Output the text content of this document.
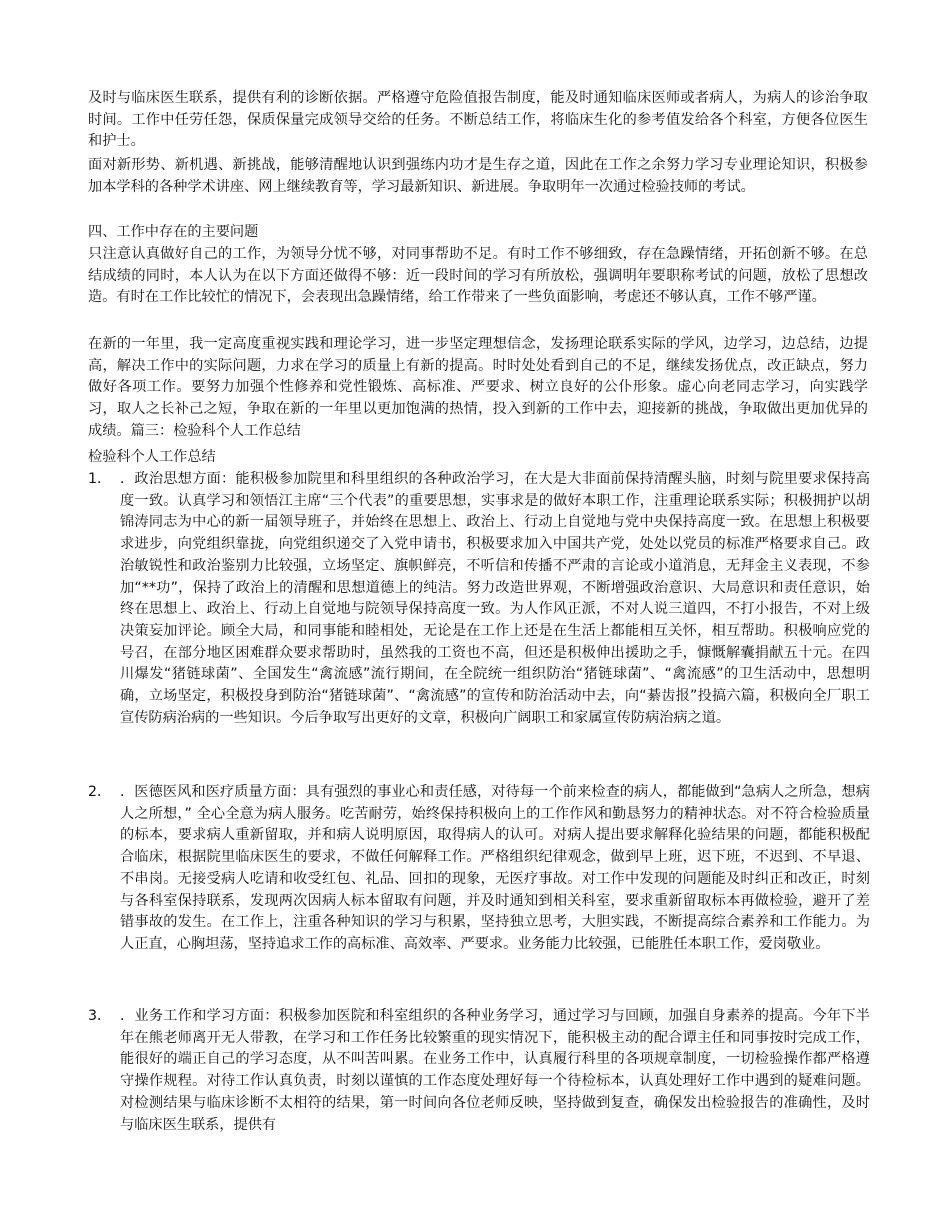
及时与临床医生联系，提供有利的诊断依据。严格遵守危险值报告制度，能及时通知临床医师或者病人，为病人的诊治争取时间。工作中任劳任怨，保质保量完成领导交给的任务。不断总结工作，将临床生化的参考值发给各个科室，方便各位医生和护士。
面对新形势、新机遇、新挑战，能够清醒地认识到强练内功才是生存之道，因此在工作之余努力学习专业理论知识，积极参加本学科的各种学术讲座、网上继续教育等，学习最新知识、新进展。争取明年一次通过检验技师的考试。
四、工作中存在的主要问题
只注意认真做好自己的工作，为领导分忧不够，对同事帮助不足。有时工作不够细致，存在急躁情绪，开拓创新不够。在总结成绩的同时，本人认为在以下方面还做得不够：近一段时间的学习有所放松，强调明年要职称考试的问题，放松了思想改造。有时在工作比较忙的情况下，会表现出急躁情绪，给工作带来了一些负面影响，考虑还不够认真，工作不够严谨。
在新的一年里，我一定高度重视实践和理论学习，进一步坚定理想信念，发扬理论联系实际的学风，边学习，边总结，边提高，解决工作中的实际问题，力求在学习的质量上有新的提高。时时处处看到自己的不足，继续发扬优点，改正缺点，努力做好各项工作。要努力加强个性修养和党性锻炼、高标准、严要求、树立良好的公仆形象。虚心向老同志学习，向实践学习，取人之长补己之短，争取在新的一年里以更加饱满的热情，投入到新的工作中去，迎接新的挑战，争取做出更加优异的成绩。篇三：检验科个人工作总结
检验科个人工作总结
1． ．政治思想方面：能积极参加院里和科里组织的各种政治学习，在大是大非面前保持清醒头脑，时刻与院里要求保持高度一致。认真学习和领悟江主席“三个代表”的重要思想，实事求是的做好本职工作，注重理论联系实际；积极拥护以胡锦涛同志为中心的新一届领导班子，并始终在思想上、政治上、行动上自觉地与党中央保持高度一致。在思想上积极要求进步，向党组织靠拢，向党组织递交了入党申请书，积极要求加入中国共产党，处处以党员的标准严格要求自己。政治敏锐性和政治鉴别力比较强，立场坚定、旗帜鲜亮，不听信和传播不严肃的言论或小道消息，无拜金主义表现，不参加“**功”，保持了政治上的清醒和思想道德上的纯洁。努力改造世界观，不断增强政治意识、大局意识和责任意识，始终在思想上、政治上、行动上自觉地与院领导保持高度一致。为人作风正派，不对人说三道四，不打小报告，不对上级决策妄加评论。顾全大局，和同事能和睦相处，无论是在工作上还是在生活上都能相互关怀，相互帮助。积极响应党的号召，在部分地区困难群众要求帮助时，虽然我的工资也不高，但还是积极伸出援助之手，慷慨解囊捐献五十元。在四川爆发“猪链球菌”、全国发生“禽流感”流行期间，在全院统一组织防治“猪链球菌”、“禽流感”的卫生活动中，思想明确，立场坚定，积极投身到防治“猪链球菌”、“禽流感”的宣传和防治活动中去，向“綦齿报”投搞六篇，积极向全厂职工宣传防病治病的一些知识。今后争取写出更好的文章，积极向广阔职工和家属宣传防病治病之道。
2． ．医德医风和医疗质量方面：具有强烈的事业心和责任感，对待每一个前来检查的病人，都能做到“急病人之所急，想病人之所想，” 全心全意为病人服务。吃苦耐劳，始终保持积极向上的工作作风和勤恳努力的精神状态。对不符合检验质量的标本，要求病人重新留取，并和病人说明原因，取得病人的认可。对病人提出要求解释化验结果的问题，都能积极配合临床，根据院里临床医生的要求，不做任何解释工作。严格组织纪律观念，做到早上班，迟下班，不迟到、不早退、不串岗。无接受病人吃请和收受红包、礼品、回扣的现象，无医疗事故。对工作中发现的问题能及时纠正和改正，时刻与各科室保持联系，发现两次因病人标本留取有问题，并及时通知到相关科室，要求重新留取标本再做检验，避开了差错事故的发生。在工作上，注重各种知识的学习与积累，坚持独立思考，大胆实践，不断提高综合素养和工作能力。为人正直，心胸坦荡，坚持追求工作的高标准、高效率、严要求。业务能力比较强，已能胜任本职工作，爱岗敬业。
3． ．业务工作和学习方面：积极参加医院和科室组织的各种业务学习，通过学习与回顾，加强自身素养的提高。今年下半年在熊老师离开无人带教，在学习和工作任务比较繁重的现实情况下，能积极主动的配合谭主任和同事按时完成工作，能很好的端正自己的学习态度，从不叫苦叫累。在业务工作中，认真履行科里的各项规章制度，一切检验操作都严格遵守操作规程。对待工作认真负责，时刻以谨慎的工作态度处理好每一个待检标本，认真处理好工作中遇到的疑难问题。对检测结果与临床诊断不太相符的结果，第一时间向各位老师反映，坚持做到复查，确保发出检验报告的准确性，及时与临床医生联系，提供有
